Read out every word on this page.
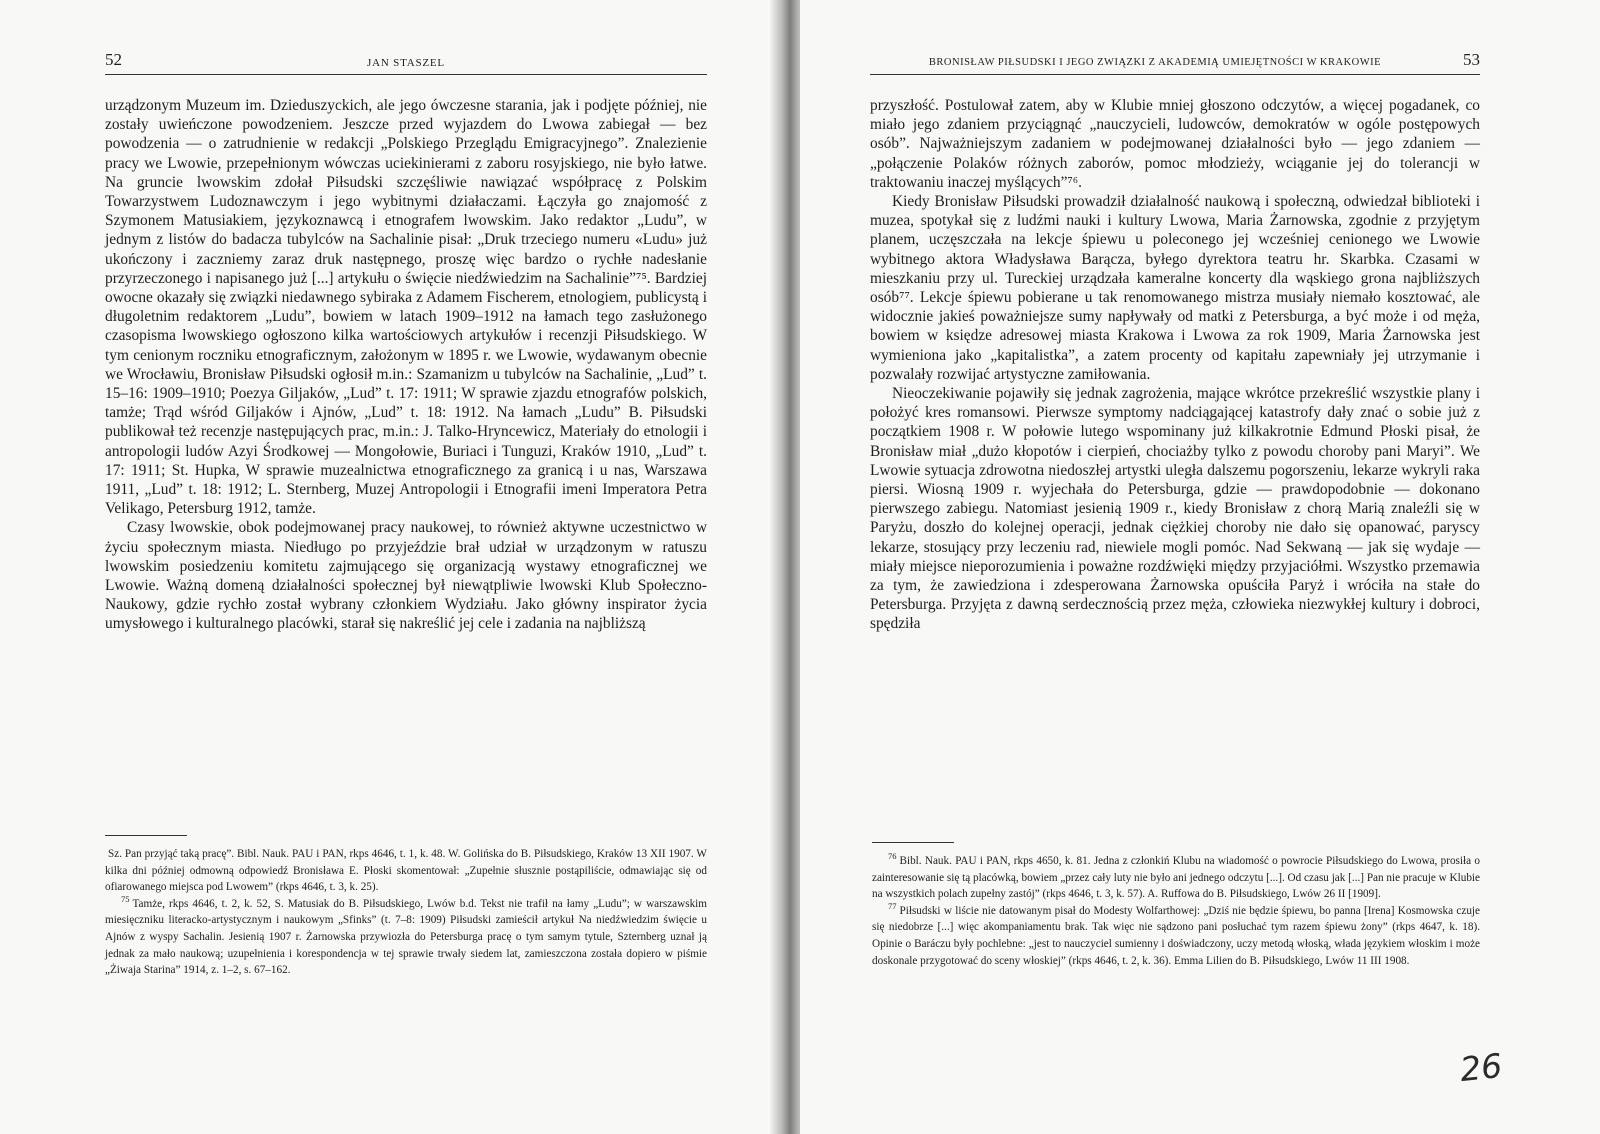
52	JAN STASZEL

urządzonym Muzeum im. Dzieduszyckich, ale jego ówczesne starania, jak i podjęte później, nie zostały uwieńczone powodzeniem. Jeszcze przed wyjazdem do Lwowa zabiegał — bez powodzenia — o zatrudnienie w redakcji „Polskiego Przeglądu Emigracyjnego”. Znalezienie pracy we Lwowie, przepełnionym wówczas uciekinierami z zaboru rosyjskiego, nie było łatwe. Na gruncie lwowskim zdołał Piłsudski szczęśliwie nawiązać współpracę z Polskim Towarzystwem Ludoznawczym i jego wybitnymi działaczami. Łączyła go znajomość z Szymonem Matusiakiem, językoznawcą i etnografem lwowskim. Jako redaktor „Ludu”, w jednym z listów do badacza tubylców na Sachalinie pisał: „Druk trzeciego numeru «Ludu» już ukończony i zaczniemy zaraz druk następnego, proszę więc bardzo o rychłe nadesłanie przyrzeczonego i napisanego już [...] artykułu o święcie niedźwiedzim na Sachalinie”⁷⁵. Bardziej owocne okazały się związki niedawnego sybiraka z Adamem Fischerem, etnologiem, publicystą i długoletnim redaktorem „Ludu”, bowiem w latach 1909–1912 na łamach tego zasłużonego czasopisma lwowskiego ogłoszono kilka wartościowych artykułów i recenzji Piłsudskiego. W tym cenionym roczniku etnograficznym, założonym w 1895 r. we Lwowie, wydawanym obecnie we Wrocławiu, Bronisław Piłsudski ogłosił m.in.: Szamanizm u tubylców na Sachalinie, „Lud” t. 15–16: 1909–1910; Poezya Giljaków, „Lud” t. 17: 1911; W sprawie zjazdu etnografów polskich, tamże; Trąd wśród Giljaków i Ajnów, „Lud” t. 18: 1912. Na łamach „Ludu” B. Piłsudski publikował też recenzje następujących prac, m.in.: J. Talko-Hryncewicz, Materiały do etnologii i antropologii ludów Azyi Środkowej — Mongołowie, Buriaci i Tunguzi, Kraków 1910, „Lud” t. 17: 1911; St. Hupka, W sprawie muzealnictwa etnograficznego za granicą i u nas, Warszawa 1911, „Lud” t. 18: 1912; L. Sternberg, Muzej Antropologii i Etnografii imeni Imperatora Petra Velikago, Petersburg 1912, tamże.

Czasy lwowskie, obok podejmowanej pracy naukowej, to również aktywne uczestnictwo w życiu społecznym miasta. Niedługo po przyjeździe brał udział w urządzonym w ratuszu lwowskim posiedzeniu komitetu zajmującego się organizacją wystawy etnograficznej we Lwowie. Ważną domeną działalności społecznej był niewątpliwie lwowski Klub Społeczno-Naukowy, gdzie rychło został wybrany członkiem Wydziału. Jako główny inspirator życia umysłowego i kulturalnego placówki, starał się nakreślić jej cele i zadania na najbliższą

Sz. Pan przyjąć taką pracę”. Bibl. Nauk. PAU i PAN, rkps 4646, t. 1, k. 48. W. Golińska do B. Piłsudskiego, Kraków 13 XII 1907. W kilka dni później odmowną odpowiedź Bronisława E. Płoski skomentował: „Zupełnie słusznie postąpiliście, odmawiając się od ofiarowanego miejsca pod Lwowem” (rkps 4646, t. 3, k. 25).

$^{75}$ Tamże, rkps 4646, t. 2, k. 52, S. Matusiak do B. Piłsudskiego, Lwów b.d. Tekst nie trafił na łamy „Ludu”; w warszawskim miesięczniku literacko-artystycznym i naukowym „Sfinks” (t. 7–8: 1909) Piłsudski zamieścił artykuł Na niedźwiedzim święcie u Ajnów z wyspy Sachalin. Jesienią 1907 r. Żarnowska przywiozła do Petersburga pracę o tym samym tytule, Szternberg uznał ją jednak za mało naukową; uzupełnienia i korespondencja w tej sprawie trwały siedem lat, zamieszczona została dopiero w piśmie „Żiwaja Starina” 1914, z. 1–2, s. 67–162.

BRONISŁAW PIŁSUDSKI I JEGO ZWIĄZKI Z AKADEMIĄ UMIEJĘTNOŚCI W KRAKOWIE	53

przyszłość. Postulował zatem, aby w Klubie mniej głoszono odczytów, a więcej pogadanek, co miało jego zdaniem przyciągnąć „nauczycieli, ludowców, demokratów w ogóle postępowych osób”. Najważniejszym zadaniem w podejmowanej działalności było — jego zdaniem — „połączenie Polaków różnych zaborów, pomoc młodzieży, wciąganie jej do tolerancji w traktowaniu inaczej myślących”⁷⁶.

Kiedy Bronisław Piłsudski prowadził działalność naukową i społeczną, odwiedzał biblioteki i muzea, spotykał się z ludźmi nauki i kultury Lwowa, Maria Żarnowska, zgodnie z przyjętym planem, uczęszczała na lekcje śpiewu u poleconego jej wcześniej cenionego we Lwowie wybitnego aktora Władysława Barącza, byłego dyrektora teatru hr. Skarbka. Czasami w mieszkaniu przy ul. Tureckiej urządzała kameralne koncerty dla wąskiego grona najbliższych osób⁷⁷. Lekcje śpiewu pobierane u tak renomowanego mistrza musiały niemało kosztować, ale widocznie jakieś poważniejsze sumy napływały od matki z Petersburga, a być może i od męża, bowiem w księdze adresowej miasta Krakowa i Lwowa za rok 1909, Maria Żarnowska jest wymieniona jako „kapitalistka”, a zatem procenty od kapitału zapewniały jej utrzymanie i pozwalały rozwijać artystyczne zamiłowania.

Nieoczekiwanie pojawiły się jednak zagrożenia, mające wkrótce przekreślić wszystkie plany i położyć kres romansowi. Pierwsze symptomy nadciągającej katastrofy dały znać o sobie już z początkiem 1908 r. W połowie lutego wspominany już kilkakrotnie Edmund Płoski pisał, że Bronisław miał „dużo kłopotów i cierpień, chociażby tylko z powodu choroby pani Maryi”. We Lwowie sytuacja zdrowotna niedoszłej artystki uległa dalszemu pogorszeniu, lekarze wykryli raka piersi. Wiosną 1909 r. wyjechała do Petersburga, gdzie — prawdopodobnie — dokonano pierwszego zabiegu. Natomiast jesienią 1909 r., kiedy Bronisław z chorą Marią znaleźli się w Paryżu, doszło do kolejnej operacji, jednak ciężkiej choroby nie dało się opanować, paryscy lekarze, stosujący przy leczeniu rad, niewiele mogli pomóc. Nad Sekwaną — jak się wydaje — miały miejsce nieporozumienia i poważne rozdźwięki między przyjaciółmi. Wszystko przemawia za tym, że zawiedziona i zdesperowana Żarnowska opuściła Paryż i wróciła na stałe do Petersburga. Przyjęta z dawną serdecznością przez męża, człowieka niezwykłej kultury i dobroci, spędziła

$^{76}$ Bibl. Nauk. PAU i PAN, rkps 4650, k. 81. Jedna z członkiń Klubu na wiadomość o powrocie Piłsudskiego do Lwowa, prosiła o zainteresowanie się tą placówką, bowiem „przez cały luty nie było ani jednego odczytu [...]. Od czasu jak [...] Pan nie pracuje w Klubie na wszystkich polach zupełny zastój” (rkps 4646, t. 3, k. 57). A. Ruffowa do B. Piłsudskiego, Lwów 26 II [1909].

$^{77}$ Piłsudski w liście nie datowanym pisał do Modesty Wolfarthowej: „Dziś nie będzie śpiewu, bo panna [Irena] Kosmowska czuje się niedobrze [...] więc akompaniamentu brak. Tak więc nie sądzono pani posłuchać tym razem śpiewu żony” (rkps 4647, k. 18). Opinie o Baráczu były pochlebne: „jest to nauczyciel sumienny i doświadczony, uczy metodą włoską, włada językiem włoskim i może doskonale przygotować do sceny włoskiej” (rkps 4646, t. 2, k. 36). Emma Lilien do B. Piłsudskiego, Lwów 11 III 1908.

26
